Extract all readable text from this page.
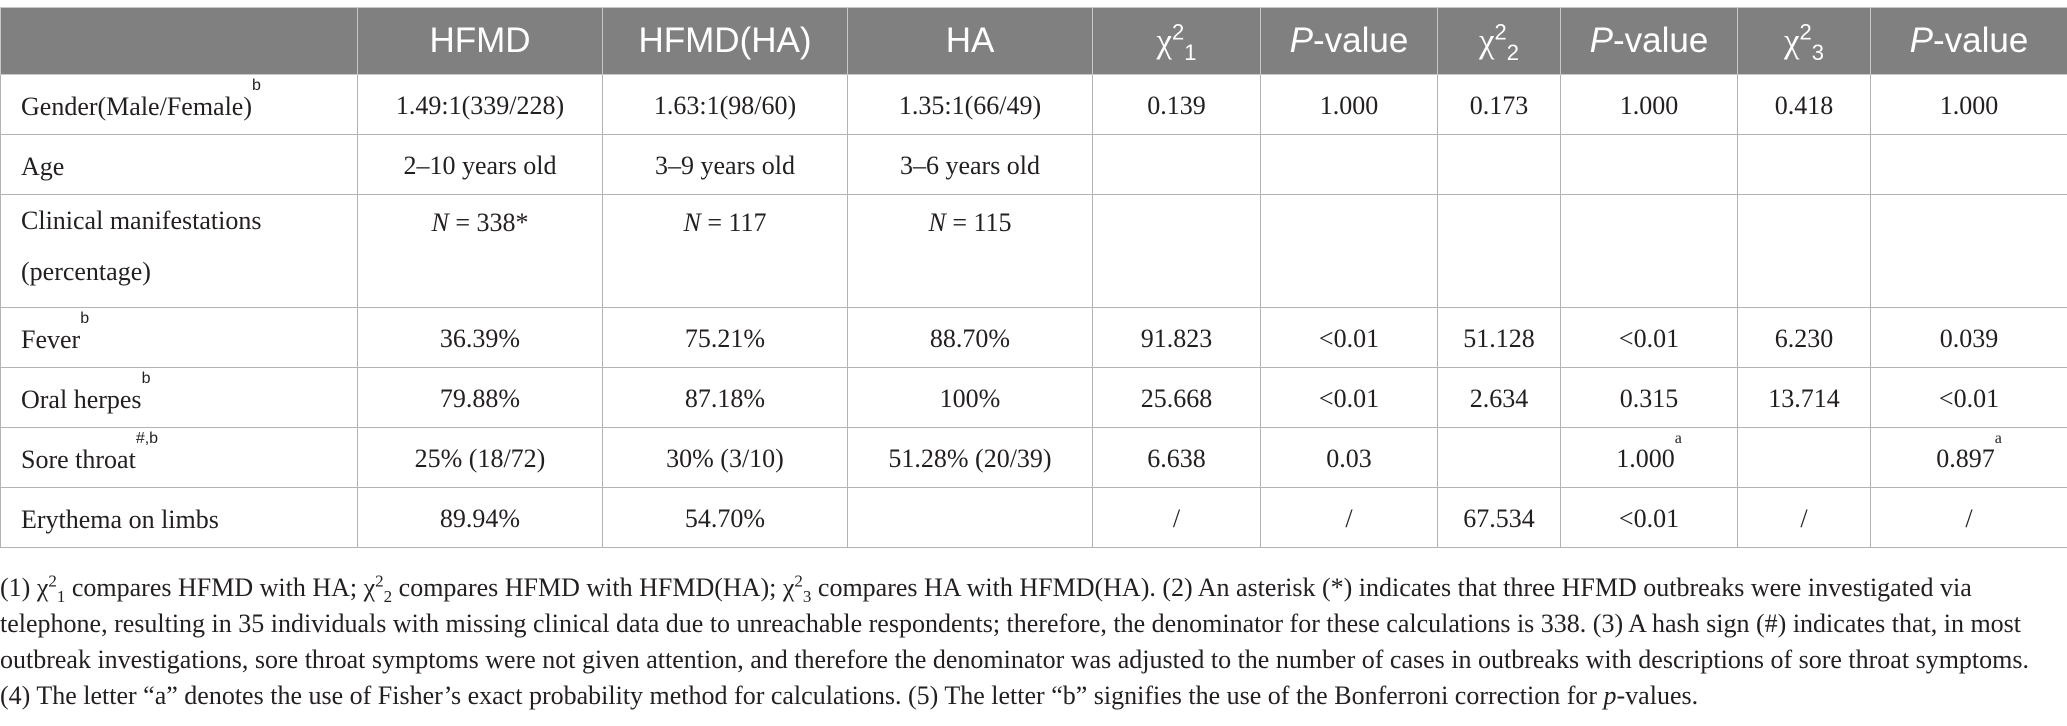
	HFMD	HFMD(HA)	HA	$\chi^2_1$	P-value	$\chi^2_2$	P-value	$\chi^2_3$	P-value
Gender(Male/Female)$^b$	1.49:1(339/228)	1.63:1(98/60)	1.35:1(66/49)	0.139	1.000	0.173	1.000	0.418	1.000
Age	2–10 years old	3–9 years old	3–6 years old						
Clinical manifestations (percentage)	N = 338*	N = 117	N = 115						
Fever$^b$	36.39%	75.21%	88.70%	91.823	<0.01	51.128	<0.01	6.230	0.039
Oral herpes$^b$	79.88%	87.18%	100%	25.668	<0.01	2.634	0.315	13.714	<0.01
Sore throat$^{\#,b}$	25% (18/72)	30% (3/10)	51.28% (20/39)	6.638	0.03		1.000$^a$		0.897$^a$
Erythema on limbs	89.94%	54.70%		/	/	67.534	<0.01	/	/
(1) $\chi^2_1$ compares HFMD with HA; $\chi^2_2$ compares HFMD with HFMD(HA); $\chi^2_3$ compares HA with HFMD(HA). (2) An asterisk (*) indicates that three HFMD outbreaks were investigated via telephone, resulting in 35 individuals with missing clinical data due to unreachable respondents; therefore, the denominator for these calculations is 338. (3) A hash sign (#) indicates that, in most outbreak investigations, sore throat symptoms were not given attention, and therefore the denominator was adjusted to the number of cases in outbreaks with descriptions of sore throat symptoms. (4) The letter “a” denotes the use of Fisher’s exact probability method for calculations. (5) The letter “b” signifies the use of the Bonferroni correction for p-values.
